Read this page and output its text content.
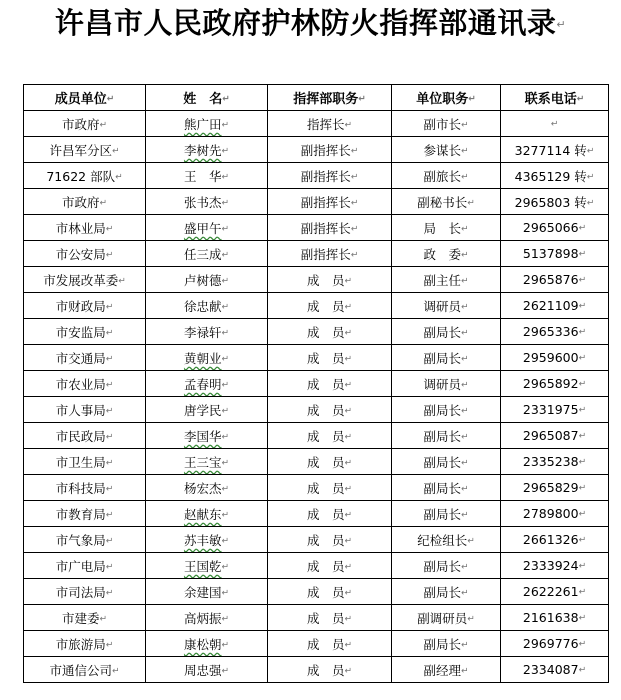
许昌市人民政府护林防火指挥部通讯录↵
成员单位↵	姓　名↵	指挥部职务↵	单位职务↵	联系电话↵
市政府↵	熊广田↵	指挥长↵	副市长↵	↵
许昌军分区↵	李树先↵	副指挥长↵	参谋长↵	3277114 转↵
71622 部队↵	王　华↵	副指挥长↵	副旅长↵	4365129 转↵
市政府↵	张书杰↵	副指挥长↵	副秘书长↵	2965803 转↵
市林业局↵	盛甲午↵	副指挥长↵	局　长↵	2965066↵
市公安局↵	任三成↵	副指挥长↵	政　委↵	5137898↵
市发展改革委↵	卢树德↵	成　员↵	副主任↵	2965876↵
市财政局↵	徐忠献↵	成　员↵	调研员↵	2621109↵
市安监局↵	李禄轩↵	成　员↵	副局长↵	2965336↵
市交通局↵	黄朝业↵	成　员↵	副局长↵	2959600↵
市农业局↵	孟春明↵	成　员↵	调研员↵	2965892↵
市人事局↵	唐学民↵	成　员↵	副局长↵	2331975↵
市民政局↵	李国华↵	成　员↵	副局长↵	2965087↵
市卫生局↵	王三宝↵	成　员↵	副局长↵	2335238↵
市科技局↵	杨宏杰↵	成　员↵	副局长↵	2965829↵
市教育局↵	赵献东↵	成　员↵	副局长↵	2789800↵
市气象局↵	苏丰敏↵	成　员↵	纪检组长↵	2661326↵
市广电局↵	王国乾↵	成　员↵	副局长↵	2333924↵
市司法局↵	余建国↵	成　员↵	副局长↵	2622261↵
市建委↵	高炳振↵	成　员↵	副调研员↵	2161638↵
市旅游局↵	康松朝↵	成　员↵	副局长↵	2969776↵
市通信公司↵	周忠强↵	成　员↵	副经理↵	2334087↵
